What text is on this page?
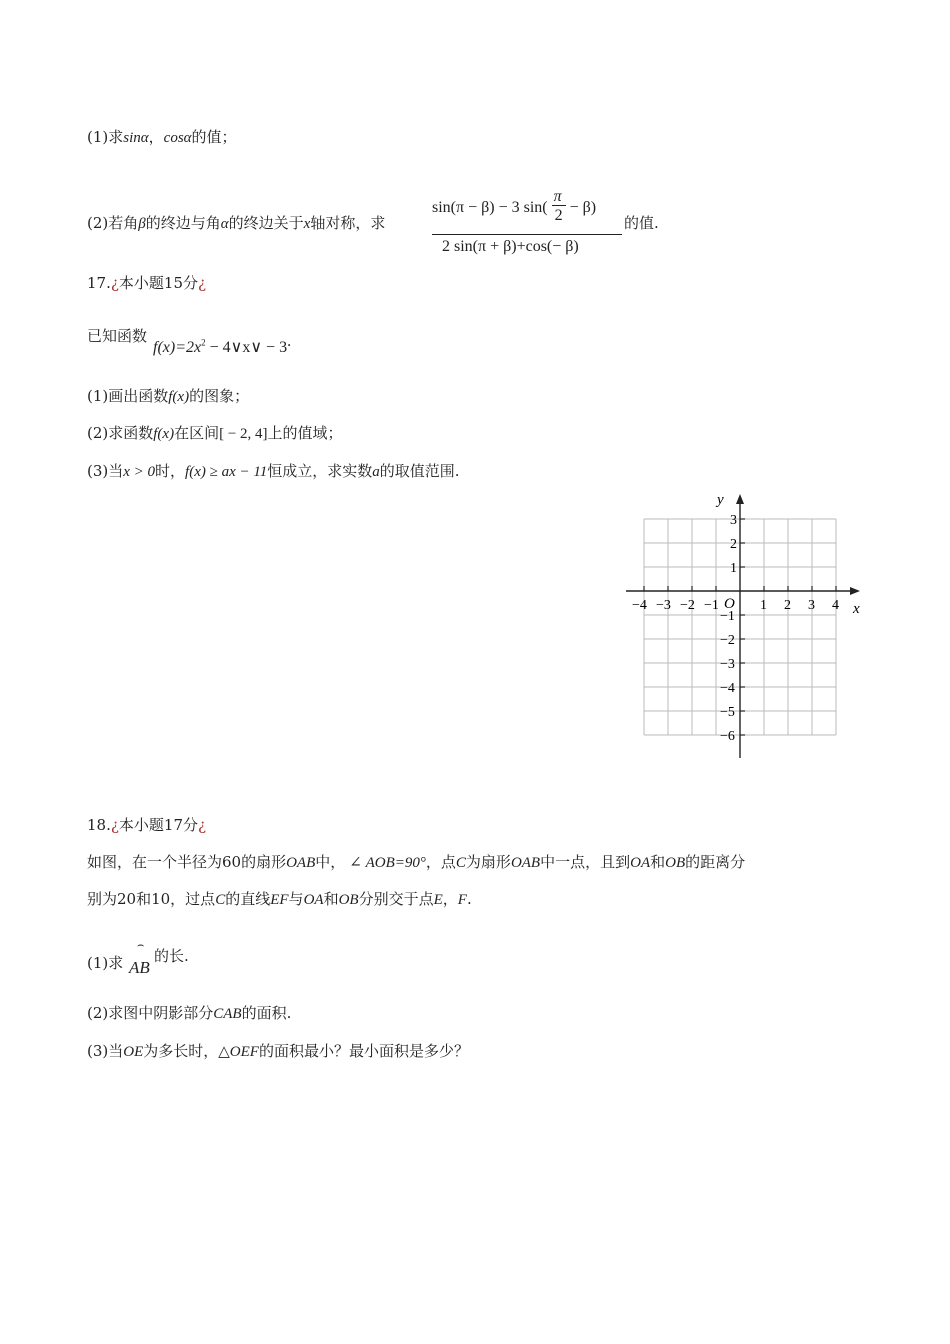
(1)求sinα，cosα的值；
(2)若角β的终边与角α的终边关于x轴对称，求
sin(π − β) − 3 $\sin( \frac{\pi}{2} - \beta)$
2 sin(π + β)+cos(− β)
的值.
17.¿本小题15分¿
已知函数
$f(x)=2x^2$ − 4∨x∨ − 3.
(1)画出函数f(x)的图象；
(2)求函数f(x)在区间[ − 2, 4]上的值域；
(3)当x > 0时，f(x) ≥ ax − 11恒成立，求实数a的取值范围.
−4 −3 −2 −1	1 2 3 4
3
2
1
−1
−2
−3
−4
−5
−6
x
y
O
18.¿本小题17分¿
如图，在一个半径为60的扇形OAB中， ∠ AOB=90°，点C为扇形OAB中一点，且到OA和OB的距离分
别为20和10，过点C的直线EF与OA和OB分别交于点E，F.
(1)求
⌢
AB
的长.
(2)求图中阴影部分CAB的面积.
(3)当OE为多长时，△OEF的面积最小？最小面积是多少？
